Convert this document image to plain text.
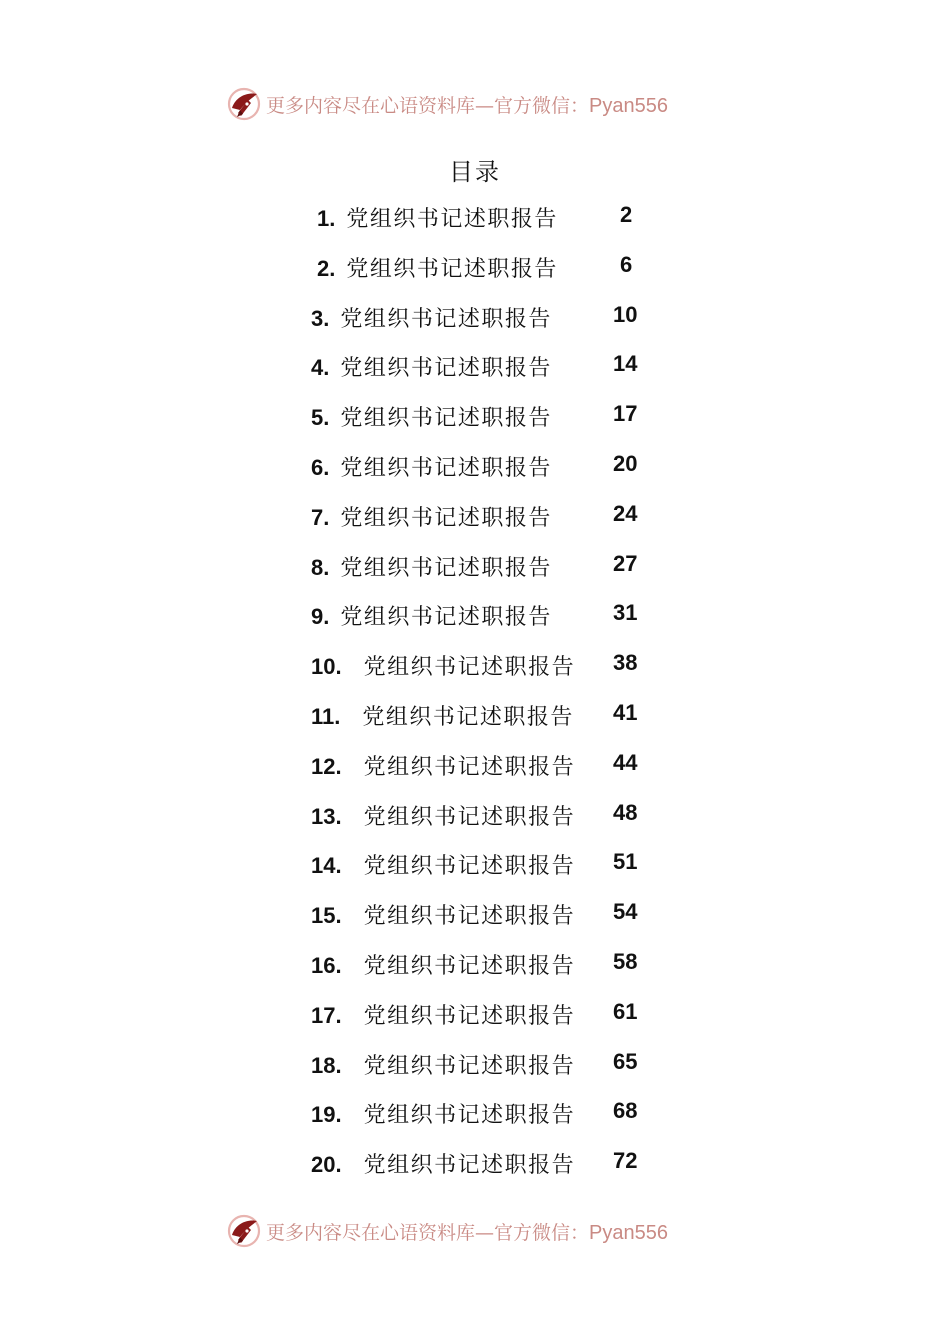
更多内容尽在心语资料库—官方微信：Pyan556
目录
1.  党组织书记述职报告	2
2.  党组织书记述职报告	6
3.  党组织书记述职报告	10
4.  党组织书记述职报告	14
5.  党组织书记述职报告	17
6.  党组织书记述职报告	20
7.  党组织书记述职报告	24
8.  党组织书记述职报告	27
9.  党组织书记述职报告	31
10.  党组织书记述职报告 38
11.  党组织书记述职报告 41
12.  党组织书记述职报告 44
13.  党组织书记述职报告 48
14.  党组织书记述职报告 51
15.  党组织书记述职报告 54
16.  党组织书记述职报告 58
17.  党组织书记述职报告 61
18.  党组织书记述职报告 65
19.  党组织书记述职报告 68
20.  党组织书记述职报告 72
更多内容尽在心语资料库—官方微信：Pyan556
